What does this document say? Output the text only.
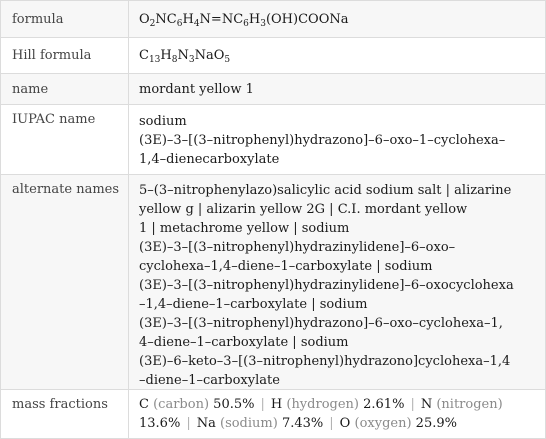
formula	$O_2NC_6H_4N=NC_6H_3(OH)COONa$
Hill formula	$C_{13}H_8N_3NaO_5$
name	mordant yellow 1
IUPAC name	sodium
(3E)–3–[(3–nitrophenyl)hydrazono]–6–oxo–1–cyclohexa–
1,4–dienecarboxylate
alternate names	5–(3–nitrophenylazo)salicylic acid sodium salt | alizarine
yellow g | alizarin yellow 2G | C.I. mordant yellow
1 | metachrome yellow | sodium
(3E)–3–[(3–nitrophenyl)hydrazinylidene]–6–oxo–
cyclohexa–1,4–diene–1–carboxylate | sodium
(3E)–3–[(3–nitrophenyl)hydrazinylidene]–6–oxocyclohexa
–1,4–diene–1–carboxylate | sodium
(3E)–3–[(3–nitrophenyl)hydrazono]–6–oxo–cyclohexa–1,
4–diene–1–carboxylate | sodium
(3E)–6–keto–3–[(3–nitrophenyl)hydrazono]cyclohexa–1,4
–diene–1–carboxylate
mass fractions	C (carbon) 50.5% | H (hydrogen) 2.61% | N (nitrogen)
13.6% | Na (sodium) 7.43% | O (oxygen) 25.9%
